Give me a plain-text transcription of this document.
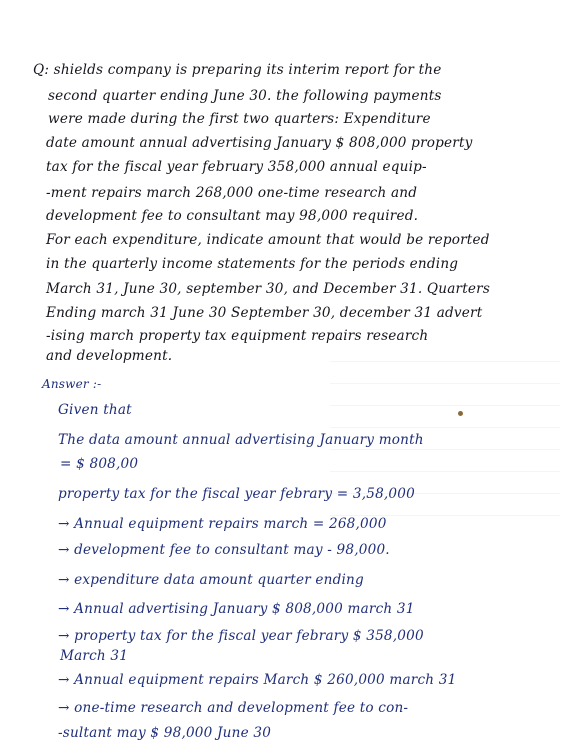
Q: shields company is preparing its interim report for the

second quarter ending June 30. the following payments

were made during the first two quarters: Expenditure

date amount annual advertising January $ 808,000 property

tax for the fiscal year february 358,000 annual equip-

-ment repairs march 268,000 one-time research and

development fee to consultant may 98,000 required.

For each expenditure, indicate amount that would be reported

in the quarterly income statements for the periods ending

March 31, June 30, september 30, and December 31. Quarters

Ending march 31 June 30 September 30, december 31 advert

-ising march property tax equipment repairs research

and development.

Answer :-

Given that

The data amount annual advertising January month

= $ 808,00

property tax for the fiscal year febrary = 3,58,000

→ Annual equipment repairs march = 268,000

→ development fee to consultant may - 98,000.

→ expenditure data amount quarter ending

→ Annual advertising January $ 808,000 march 31

→ property tax for the fiscal year febrary $ 358,000

March 31

→ Annual equipment repairs March $ 260,000 march 31

→ one-time research and development fee to con-

-sultant may $ 98,000 June 30
